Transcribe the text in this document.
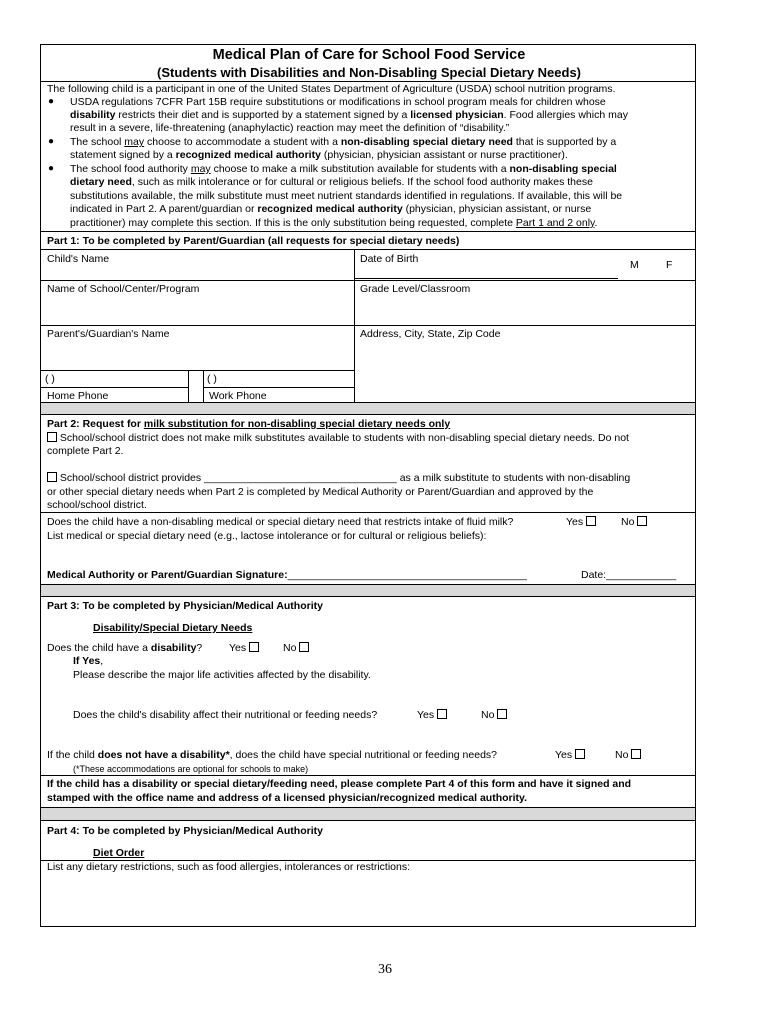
Medical Plan of Care for School Food Service
(Students with Disabilities and Non-Disabling Special Dietary Needs)
The following child is a participant in one of the United States Department of Agriculture (USDA) school nutrition programs.
● USDA regulations 7CFR Part 15B require substitutions or modifications in school program meals for children whose
disability restricts their diet and is supported by a statement signed by a licensed physician. Food allergies which may
result in a severe, life-threatening (anaphylactic) reaction may meet the definition of “disability.”
● The school may choose to accommodate a student with a non-disabling special dietary need that is supported by a
statement signed by a recognized medical authority (physician, physician assistant or nurse practitioner).
● The school food authority may choose to make a milk substitution available for students with a non-disabling special
dietary need, such as milk intolerance or for cultural or religious beliefs. If the school food authority makes these
substitutions available, the milk substitute must meet nutrient standards identified in regulations. If available, this will be
indicated in Part 2. A parent/guardian or recognized medical authority (physician, physician assistant, or nurse
practitioner) may complete this section. If this is the only substitution being requested, complete Part 1 and 2 only.
Part 1: To be completed by Parent/Guardian (all requests for special dietary needs)
Child's Name	Date of Birth	M	F
Name of School/Center/Program	Grade Level/Classroom
Parent's/Guardian's Name	Address, City, State, Zip Code
( )	( )
Home Phone	Work Phone
Part 2: Request for milk substitution for non-disabling special dietary needs only
School/school district does not make milk substitutes available to students with non-disabling special dietary needs. Do not
complete Part 2.
School/school district provides _________________________________ as a milk substitute to students with non-disabling
or other special dietary needs when Part 2 is completed by Medical Authority or Parent/Guardian and approved by the
school/school district.
Does the child have a non-disabling medical or special dietary need that restricts intake of fluid milk?	Yes	No
List medical or special dietary need (e.g., lactose intolerance or for cultural or religious beliefs):
Medical Authority or Parent/Guardian Signature:_________________________________________	Date:____________
Part 3: To be completed by Physician/Medical Authority
Disability/Special Dietary Needs
Does the child have a disability?	Yes	No
If Yes,
Please describe the major life activities affected by the disability.
Does the child's disability affect their nutritional or feeding needs?	Yes	No
If the child does not have a disability*, does the child have special nutritional or feeding needs?	Yes	No
(*These accommodations are optional for schools to make)
If the child has a disability or special dietary/feeding need, please complete Part 4 of this form and have it signed and
stamped with the office name and address of a licensed physician/recognized medical authority.
Part 4: To be completed by Physician/Medical Authority
Diet Order
List any dietary restrictions, such as food allergies, intolerances or restrictions:
36
